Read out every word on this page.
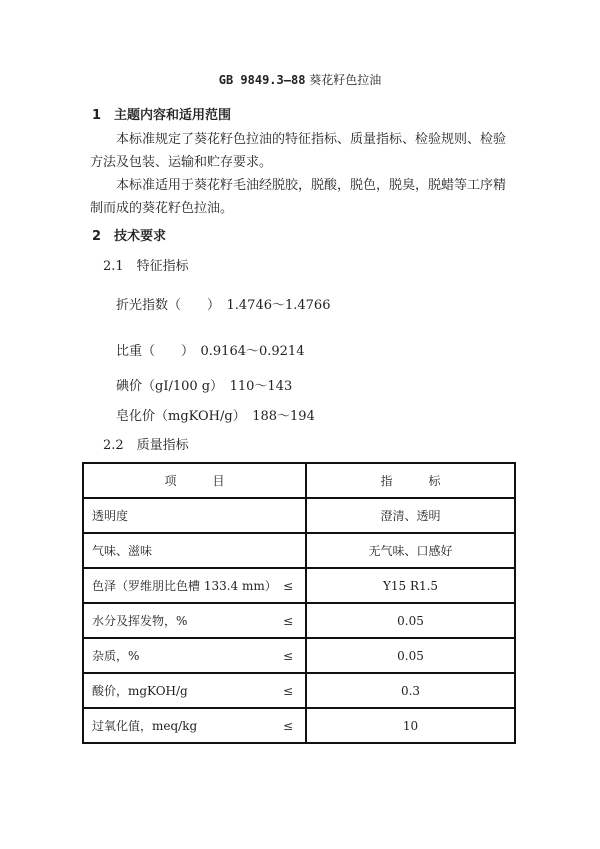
GB 9849.3—88 葵花籽色拉油
1　主题内容和适用范围
本标准规定了葵花籽色拉油的特征指标、质量指标、检验规则、检验方法及包装、运输和贮存要求。
本标准适用于葵花籽毛油经脱胶，脱酸，脱色，脱臭，脱蜡等工序精制而成的葵花籽色拉油。
2　技术要求
2.1　特征指标
折光指数（　　）　1.4746～1.4766
比重（　　）　0.9164～0.9214
碘价（gI/100 g）　110～143
皂化价（mgKOH/g）　188～194
2.2　质量指标
项　　　目	指　　　标
透明度	澄清、透明
气味、滋味	无气味、口感好
色泽（罗维朋比色槽 133.4 mm） ≤	Y15 R1.5
水分及挥发物，% ≤	0.05
杂质，% ≤	0.05
酸价，mgKOH/g ≤	0.3
过氧化值，meq/kg ≤	10
